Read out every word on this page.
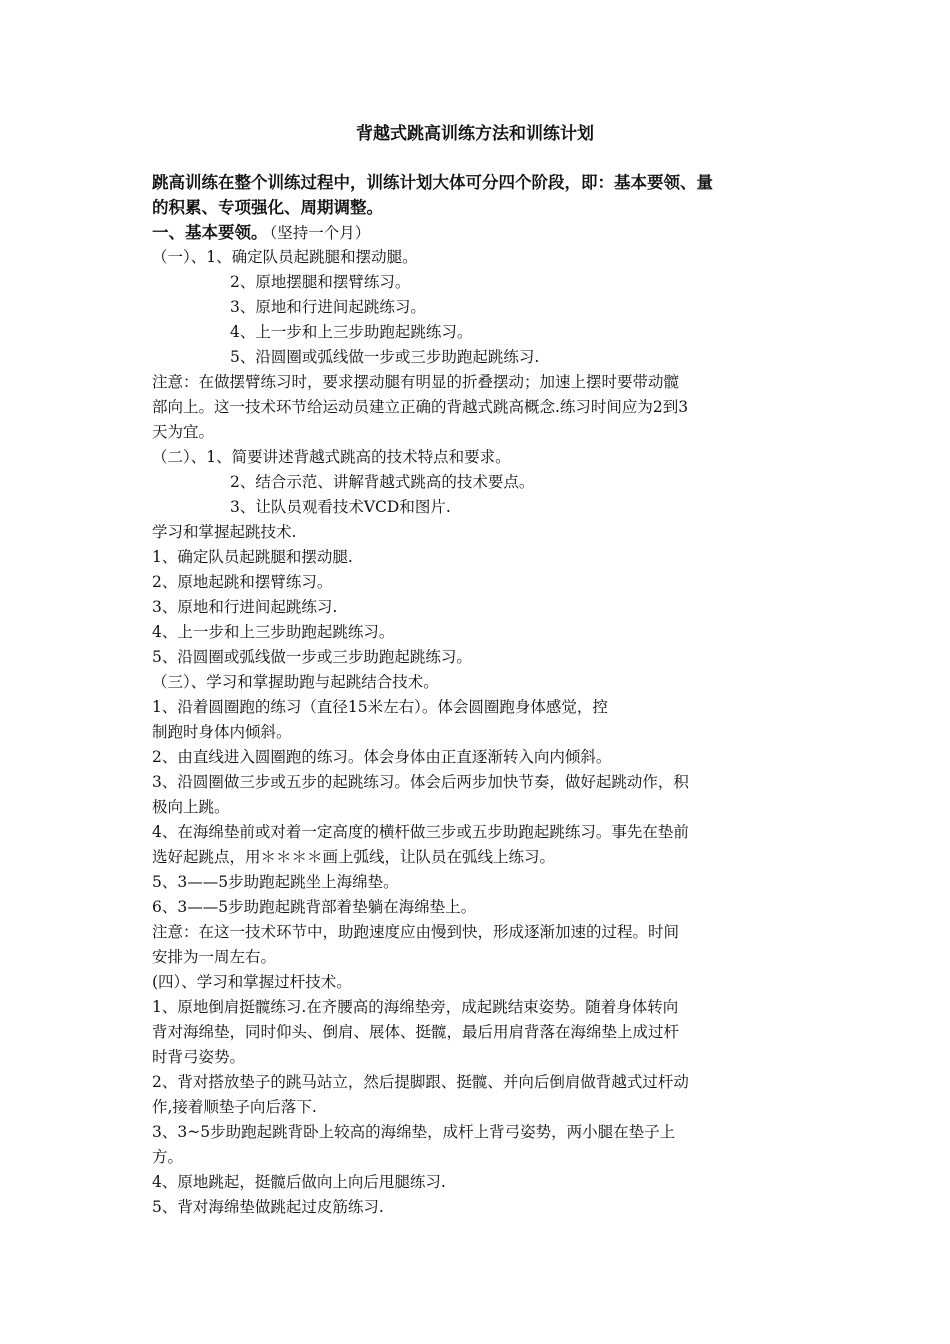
背越式跳高训练方法和训练计划
跳高训练在整个训练过程中，训练计划大体可分四个阶段，即：基本要领、量
的积累、专项强化、周期调整。
一、基本要领。 （坚持一个月）
（一）、1、确定队员起跳腿和摆动腿。
2、原地摆腿和摆臂练习。
3、原地和行进间起跳练习。
4、上一步和上三步助跑起跳练习。
5、沿圆圈或弧线做一步或三步助跑起跳练习.
注意：在做摆臂练习时，要求摆动腿有明显的折叠摆动；加速上摆时要带动髋
部向上。这一技术环节给运动员建立正确的背越式跳高概念.练习时间应为2到3
天为宜。
（二）、1、简要讲述背越式跳高的技术特点和要求。
2、结合示范、讲解背越式跳高的技术要点。
3、让队员观看技术VCD和图片.
学习和掌握起跳技术.
1、确定队员起跳腿和摆动腿.
2、原地起跳和摆臂练习。
3、原地和行进间起跳练习.
4、上一步和上三步助跑起跳练习。
5、沿圆圈或弧线做一步或三步助跑起跳练习。
（三）、学习和掌握助跑与起跳结合技术。
1、沿着圆圈跑的练习（直径15米左右）。体会圆圈跑身体感觉，控
制跑时身体内倾斜。
2、由直线进入圆圈跑的练习。体会身体由正直逐渐转入向内倾斜。
3、沿圆圈做三步或五步的起跳练习。体会后两步加快节奏，做好起跳动作，积
极向上跳。
4、在海绵垫前或对着一定高度的横杆做三步或五步助跑起跳练习。事先在垫前
选好起跳点，用＊＊＊＊画上弧线，让队员在弧线上练习。
5、3——5步助跑起跳坐上海绵垫。
6、3——5步助跑起跳背部着垫躺在海绵垫上。
注意：在这一技术环节中，助跑速度应由慢到快，形成逐渐加速的过程。时间
安排为一周左右。
(四）、学习和掌握过杆技术。
1、原地倒肩挺髋练习.在齐腰高的海绵垫旁，成起跳结束姿势。随着身体转向
背对海绵垫，同时仰头、倒肩、展体、挺髋，最后用肩背落在海绵垫上成过杆
时背弓姿势。
2、背对搭放垫子的跳马站立，然后提脚跟、挺髋、并向后倒肩做背越式过杆动
作,接着顺垫子向后落下.
3、3~5步助跑起跳背卧上较高的海绵垫，成杆上背弓姿势，两小腿在垫子上
方。
4、原地跳起，挺髋后做向上向后甩腿练习.
5、背对海绵垫做跳起过皮筋练习.
